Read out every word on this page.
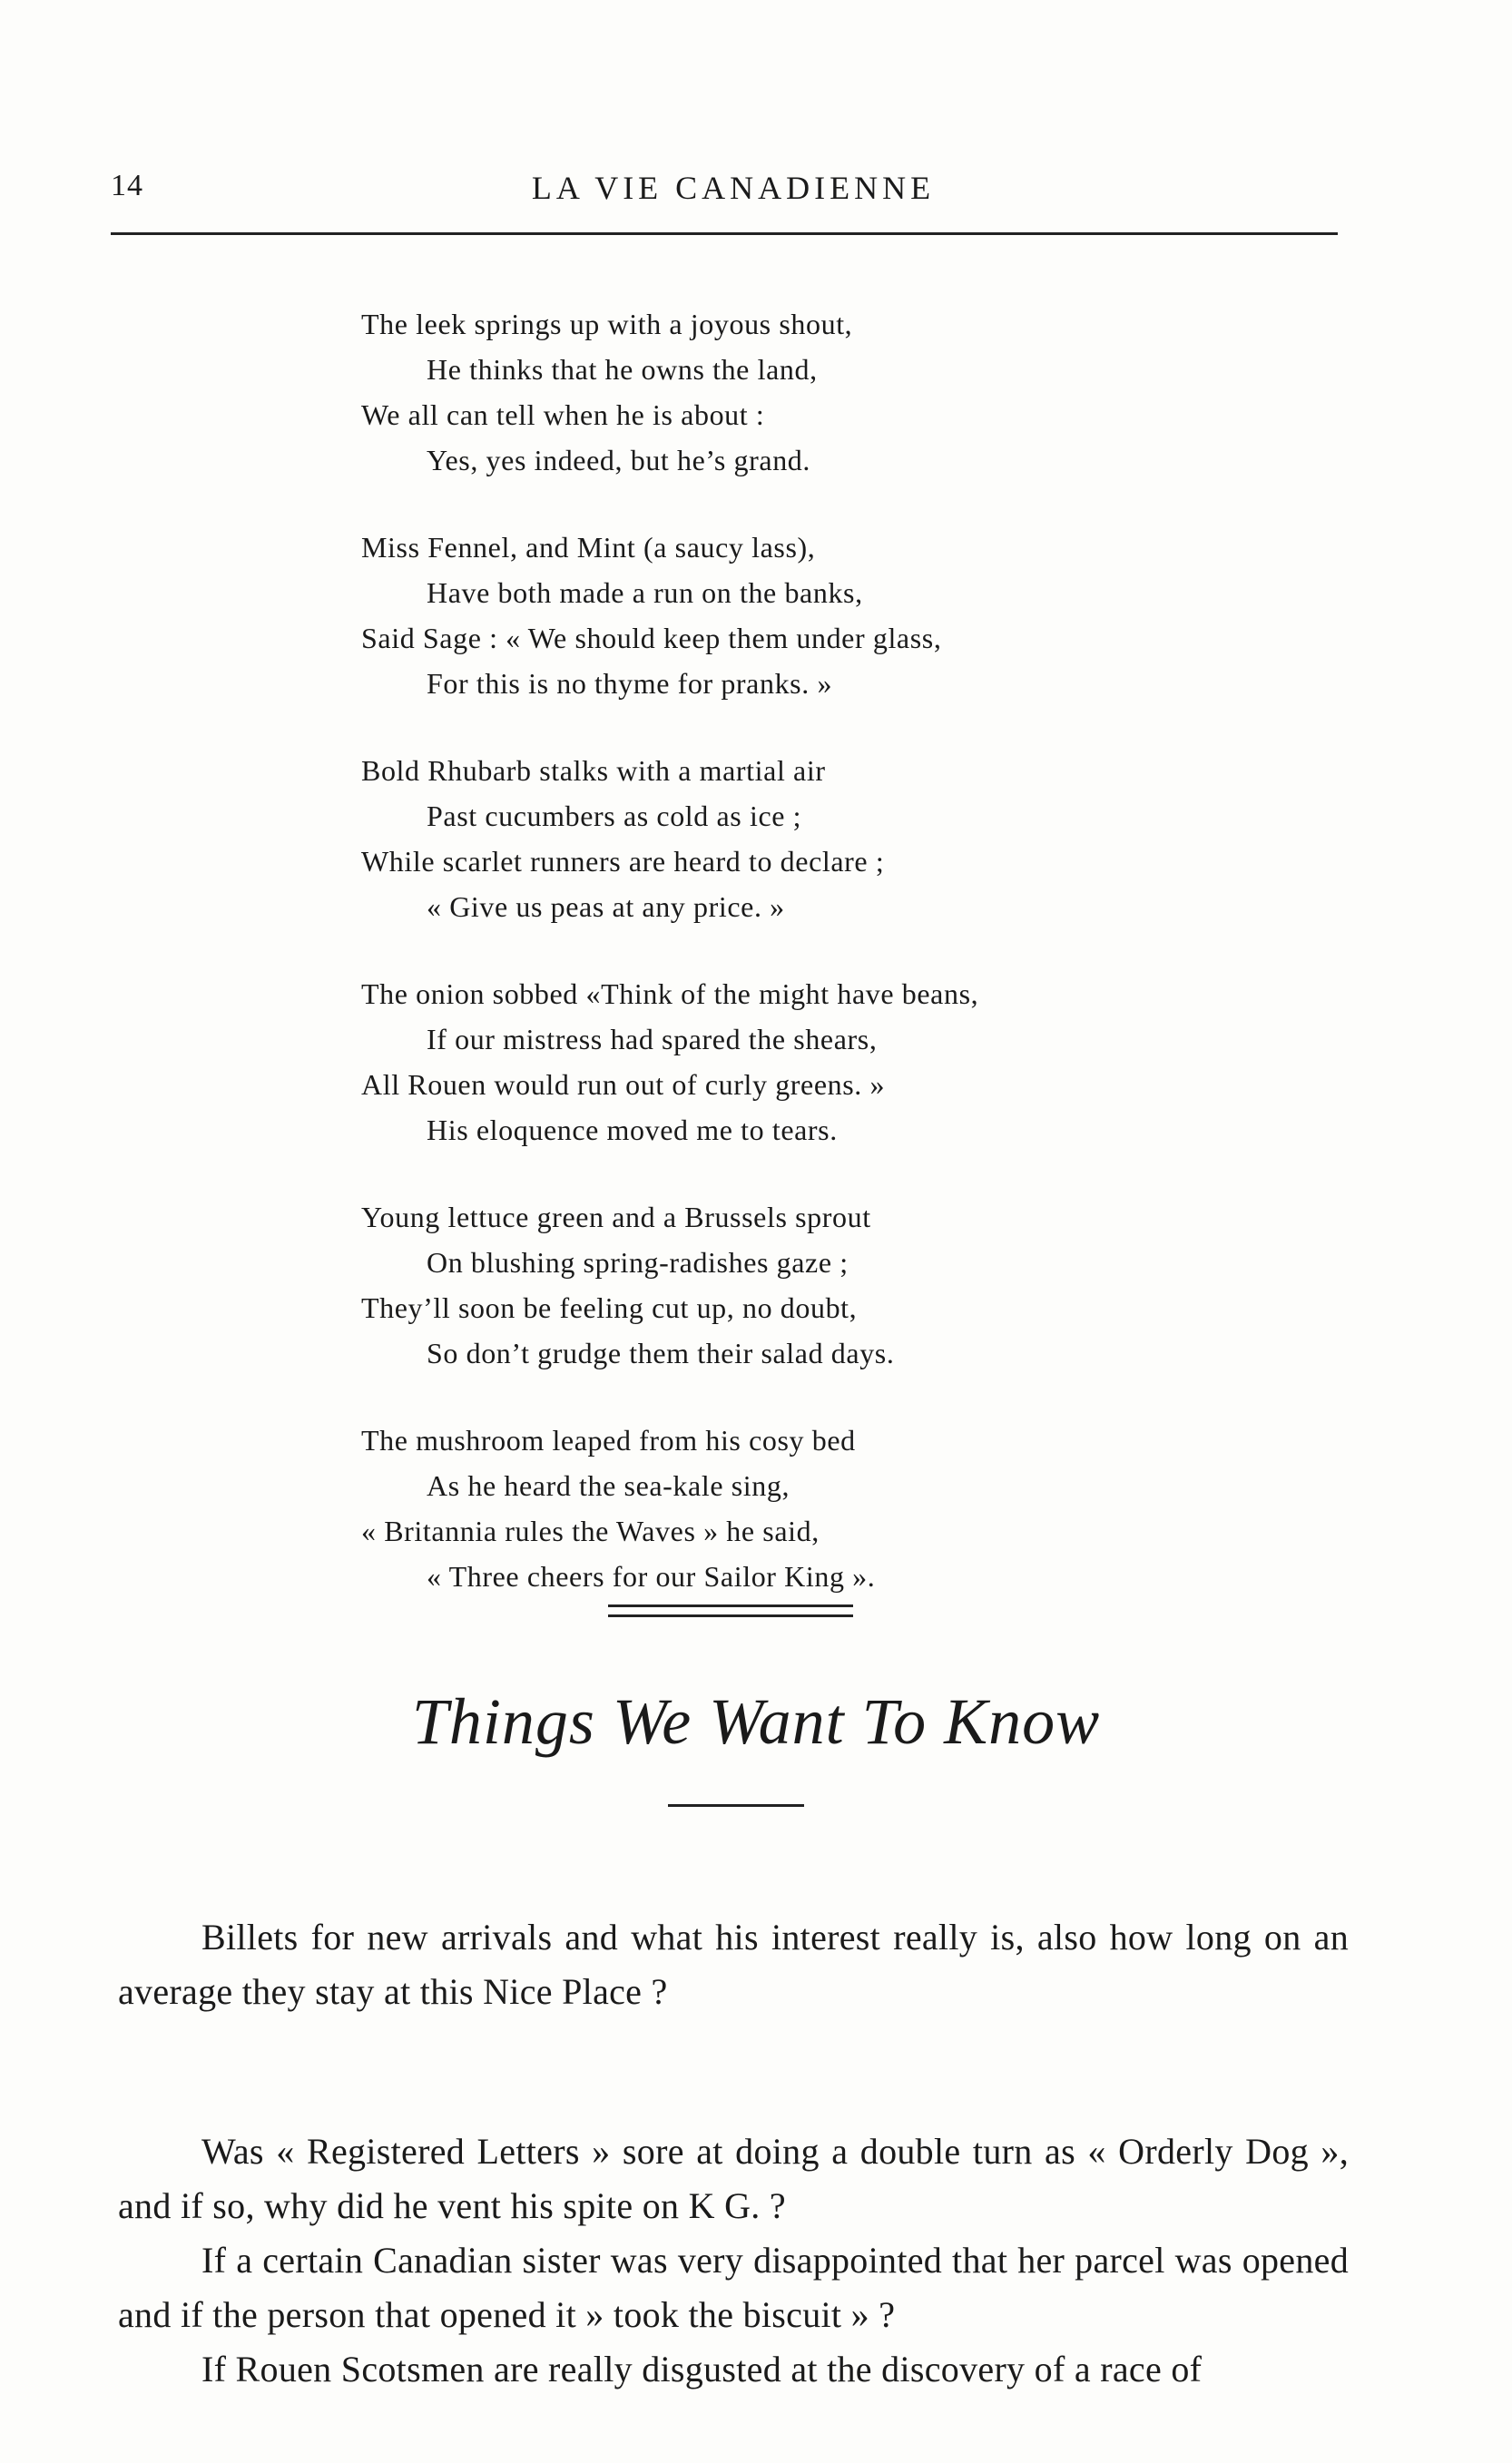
14	LA VIE CANADIENNE
The leek springs up with a joyous shout,
He thinks that he owns the land,
We all can tell when he is about :
Yes, yes indeed, but he’s grand.
Miss Fennel, and Mint (a saucy lass),
Have both made a run on the banks,
Said Sage : « We should keep them under glass,
For this is no thyme for pranks. »
Bold Rhubarb stalks with a martial air
Past cucumbers as cold as ice ;
While scarlet runners are heard to declare ;
« Give us peas at any price. »
The onion sobbed «Think of the might have beans,
If our mistress had spared the shears,
All Rouen would run out of curly greens. »
His eloquence moved me to tears.
Young lettuce green and a Brussels sprout
On blushing spring-radishes gaze ;
They’ll soon be feeling cut up, no doubt,
So don’t grudge them their salad days.
The mushroom leaped from his cosy bed
As he heard the sea-kale sing,
« Britannia rules the Waves » he said,
« Three cheers for our Sailor King ».
Things We Want To Know

Billets for new arrivals and what his interest really is, also how long on an average they stay at this Nice Place ?

Was « Registered Letters » sore at doing a double turn as « Orderly Dog », and if so, why did he vent his spite on K G. ?

If a certain Canadian sister was very disappointed that her parcel was opened and if the person that opened it » took the biscuit » ?

If Rouen Scotsmen are really disgusted at the discovery of a race of
